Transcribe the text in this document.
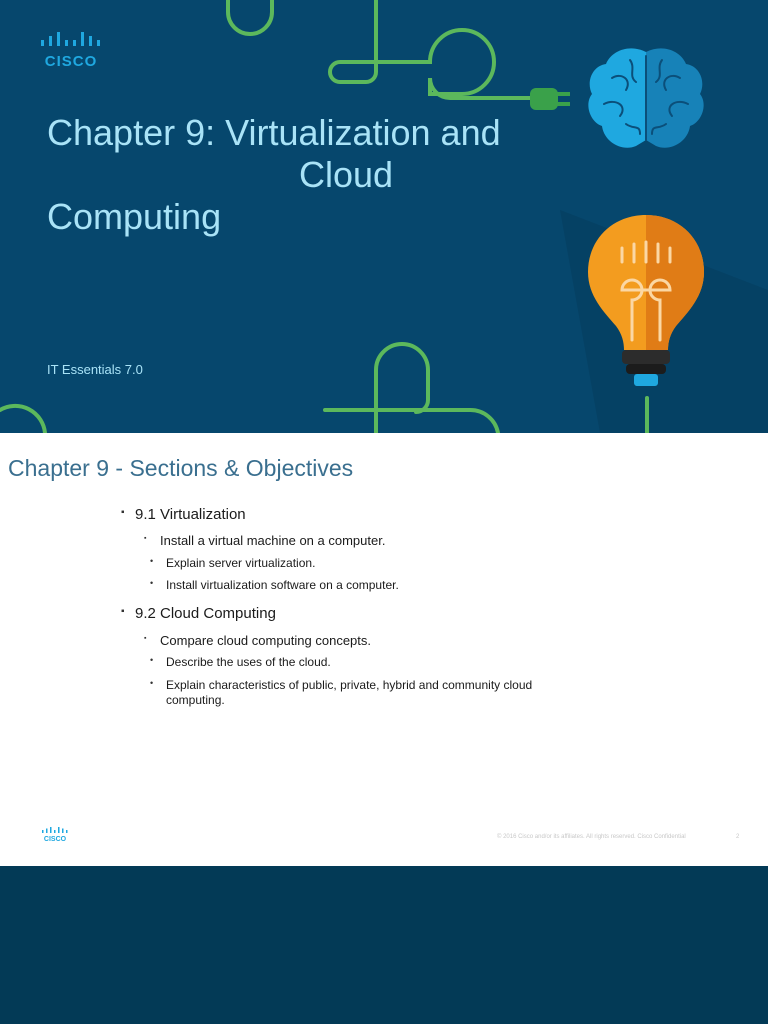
CISCO
Chapter 9: Virtualization and
Cloud
Computing
IT Essentials 7.0
Chapter 9 - Sections & Objectives
▪ 9.1 Virtualization
▪ Install a virtual machine on a computer.
• Explain server virtualization.
• Install virtualization software on a computer.
▪ 9.2 Cloud Computing
▪ Compare cloud computing concepts.
• Describe the uses of the cloud.
• Explain characteristics of public, private, hybrid and community cloud computing.
CISCO	© 2016 Cisco and/or its affiliates. All rights reserved. Cisco Confidential	2
